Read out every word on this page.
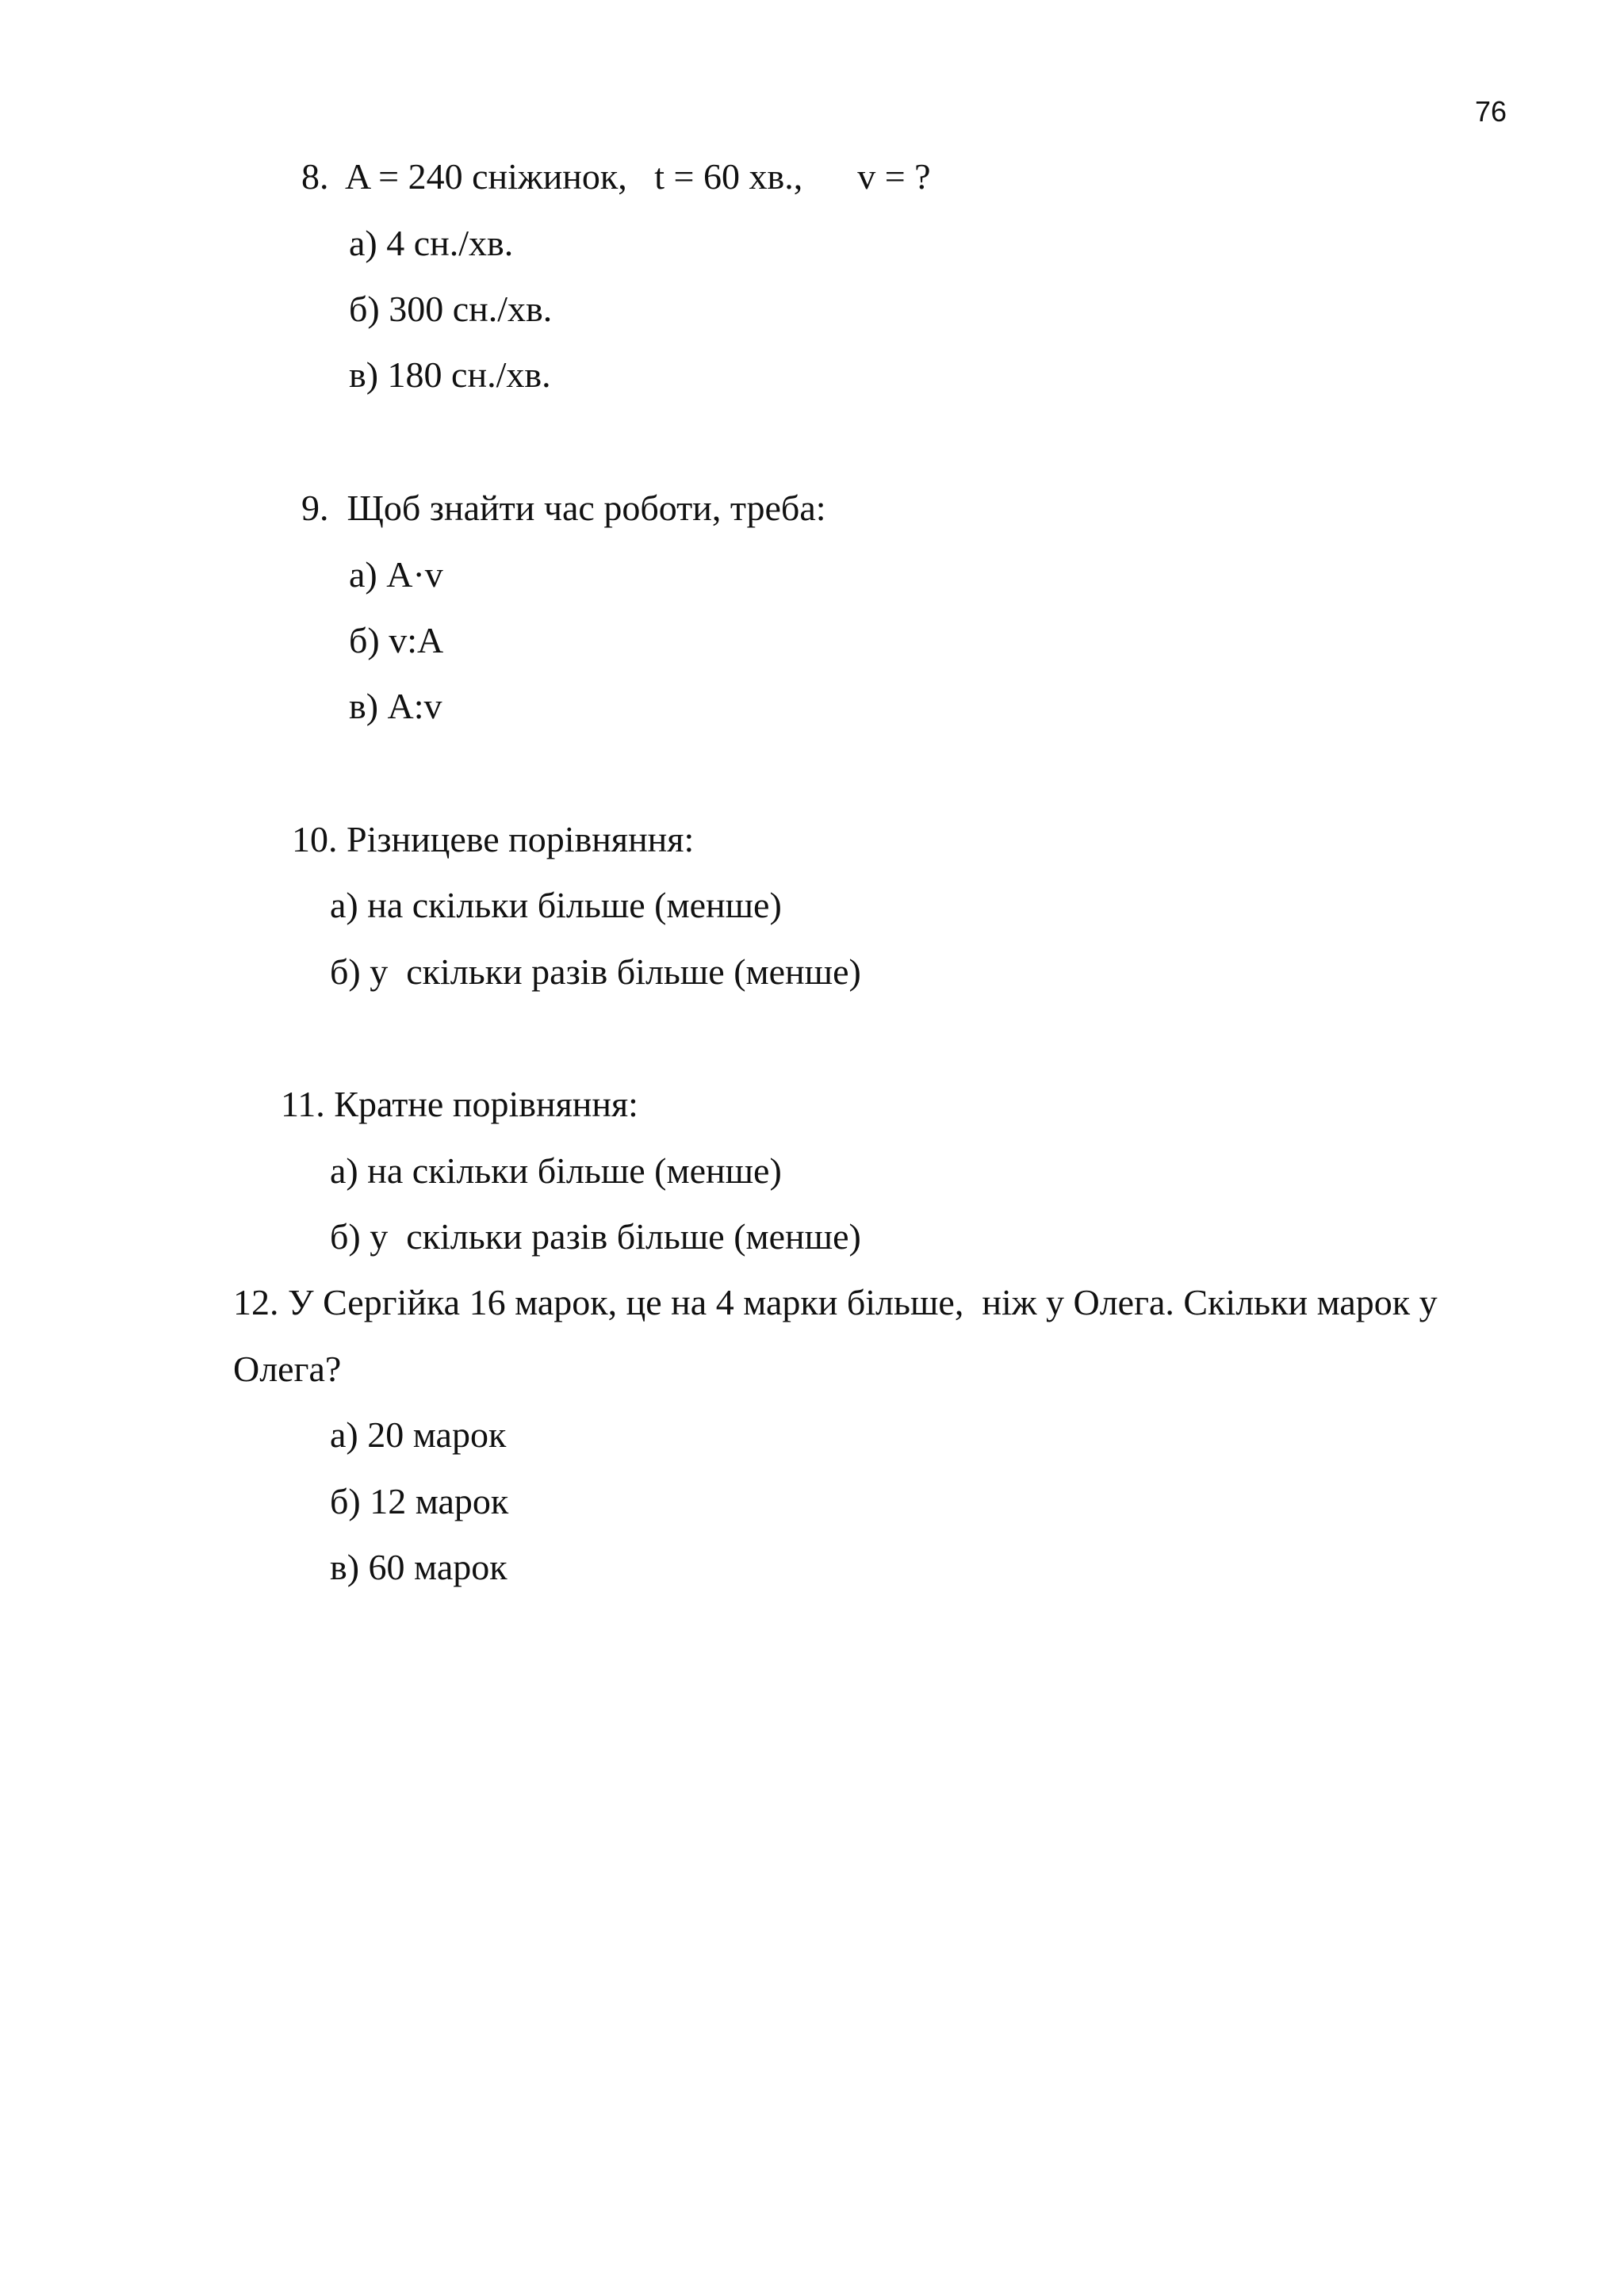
76
8. A = 240 сніжинок,   t = 60 хв.,      v = ?
а) 4 сн./хв.
б) 300 сн./хв.
в) 180 сн./хв.
9. Щоб знайти час роботи, треба:
а) A·v
б) v:A
в) A:v
10. Різницеве порівняння:
а) на скільки більше (менше)
б) у  скільки разів більше (менше)
11. Кратне порівняння:
а) на скільки більше (менше)
б) у  скільки разів більше (менше)
12. У Сергійка 16 марок, це на 4 марки більше,  ніж у Олега. Скільки марок у
Олега?
а) 20 марок
б) 12 марок
в) 60 марок
